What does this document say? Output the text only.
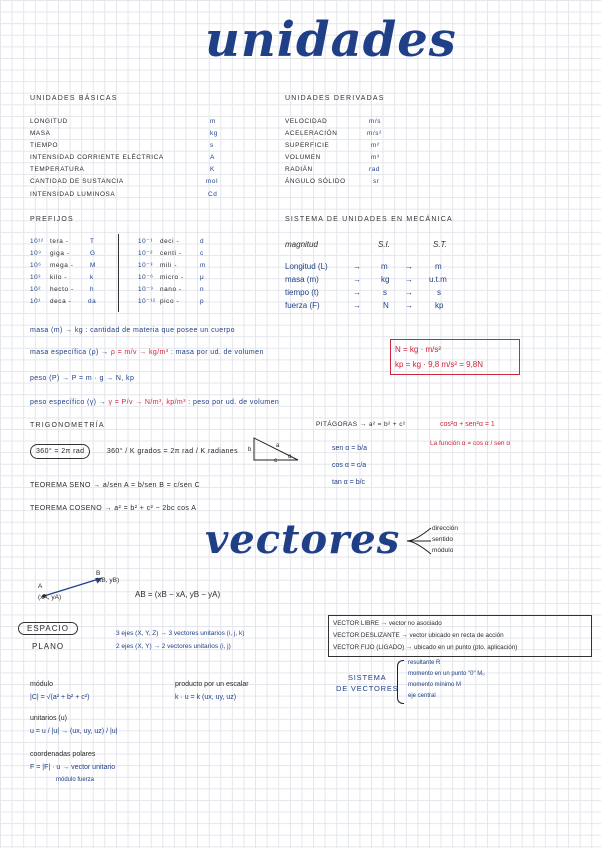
unidades
UNIDADES BÁSICAS
LONGITUD	m
MASA	kg
TIEMPO	s
INTENSIDAD CORRIENTE ELÉCTRICA	A
TEMPERATURA	K
CANTIDAD DE SUSTANCIA	mol
INTENSIDAD LUMINOSA	Cd
UNIDADES DERIVADAS
VELOCIDAD	m/s
ACELERACIÓN	m/s²
SUPERFICIE	m²
VOLUMEN	m³
RADIÁN	rad
ÁNGULO SÓLIDO	sr
PREFIJOS
10¹² tera -	T
10⁹ giga -	G
10⁶ mega -	M
10³ kilo -	k
10² hecto -	h
10¹ deca -	da
10⁻¹ deci -	d
10⁻² centi -	c
10⁻³ mili -	m
10⁻⁶ micro -	μ
10⁻⁹ nano -	n
10⁻¹² pico -	p
SISTEMA DE UNIDADES EN MECÁNICA
magnitud	S.I.	S.T.
Longitud (L)	→	m →	m
masa (m)	→	kg → u.t.m
tiempo (t)	→	s →	s
fuerza (F)	→	N →	kp
masa (m) → kg : cantidad de materia que posee un cuerpo
masa específica (ρ) → ρ = m/v → kg/m³ : masa por ud. de volumen
peso (P) → P = m · g → N, kp
peso específico (γ) → γ = P/v → N/m³, kp/m³ : peso por ud. de volumen
N = kg · m/s²
kp = kg · 9,8 m/s² = 9,8N
TRIGONOMETRÍA
360° = 2π rad	360° / K grados = 2π rad / K radianes
a
b
c
α
PITÁGORAS → a² = b² + c²	cos²α + sen²α = 1
La función α = cos α / sen α
sen α = b/a
cos α = c/a
tan α = b/c
TEOREMA SENO → a/sen A = b/sen B = c/sen C
TEOREMA COSENO → a² = b² + c² − 2bc cos A
vectores	dirección
sentido
módulo
A
(xA, yA)
B
(xB, yB)
AB = (xB − xA, yB − yA)
ESPACIO
PLANO
3 ejes (X, Y, Z) → 3 vectores unitarios (i, j, k)
2 ejes (X, Y) → 2 vectores unitarios (i, j)
VECTOR LIBRE → vector no asociado
VECTOR DESLIZANTE → vector ubicado en recta de acción
VECTOR FIJO (LIGADO) → ubicado en un punto (pto. aplicación)
módulo
|C| = √(a² + b² + c²)
producto por un escalar
k · u = k (ux, uy, uz)
SISTEMA
DE VECTORES
resultante R
momento en un punto "0" M₀
momento mínimo M
eje central
unitarios (u)
u = u / |u| → (ux, uy, uz) / |u|
coordenadas polares
F = |F| · u → vector unitario
módulo fuerza
